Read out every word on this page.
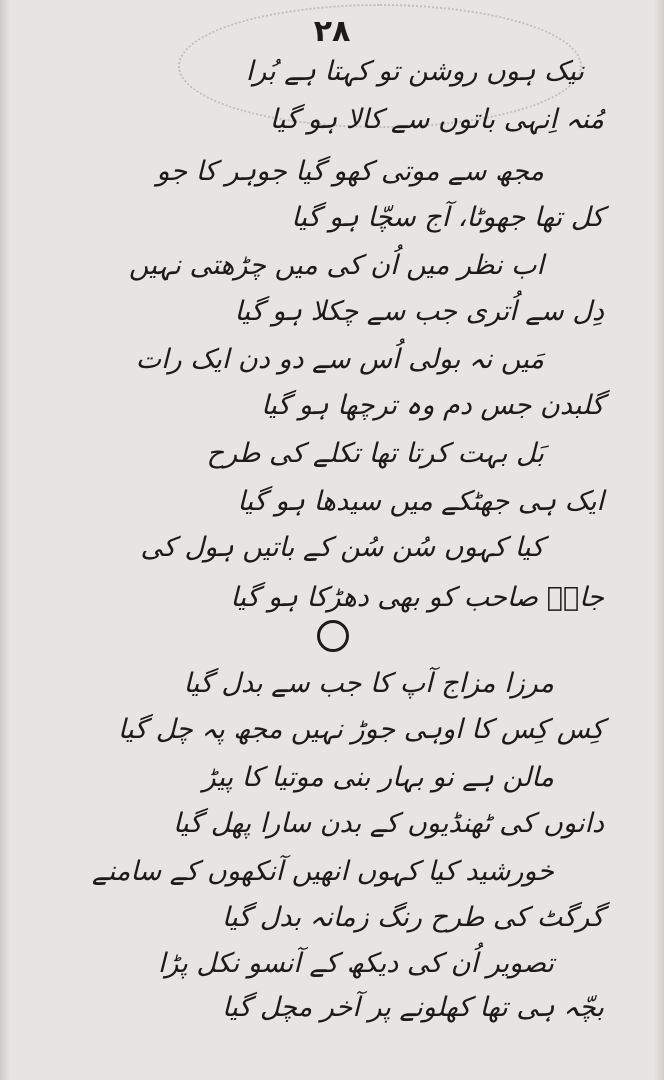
۲۸
نیک ہوں روشن تو کہتا ہے بُرا
مُنہ اِنہی باتوں سے کالا ہو گیا
مجھ سے موتی کھو گیا جوہر کا جو
کل تھا جھوٹا، آج سچّا ہو گیا
اب نظر میں اُن کی میں چڑھتی نہیں
دِل سے اُتری جب سے چکلا ہو گیا
مَیں نہ بولی اُس سے دو دن ایک رات
گلبدن جس دم وہ ترچھا ہو گیا
بَل بہت کرتا تھا تکلے کی طرح
ایک ہی جھٹکے میں سیدھا ہو گیا
کیا کہوں سُن سُن کے باتیں ہول کی
جانؔ صاحب کو بھی دھڑکا ہو گیا
مرزا مزاج آپ کا جب سے بدل گیا
کِس کِس کا اوہی جوڑ نہیں مجھ پہ چل گیا
مالن ہے نو بہار بنی موتیا کا پیڑ
دانوں کی ٹھنڈیوں کے بدن سارا پھل گیا
خورشید کیا کہوں انھیں آنکھوں کے سامنے
گرگٹ کی طرح رنگ زمانہ بدل گیا
تصویر اُن کی دیکھ کے آنسو نکل پڑا
بچّہ ہی تھا کھلونے پر آخر مچل گیا
